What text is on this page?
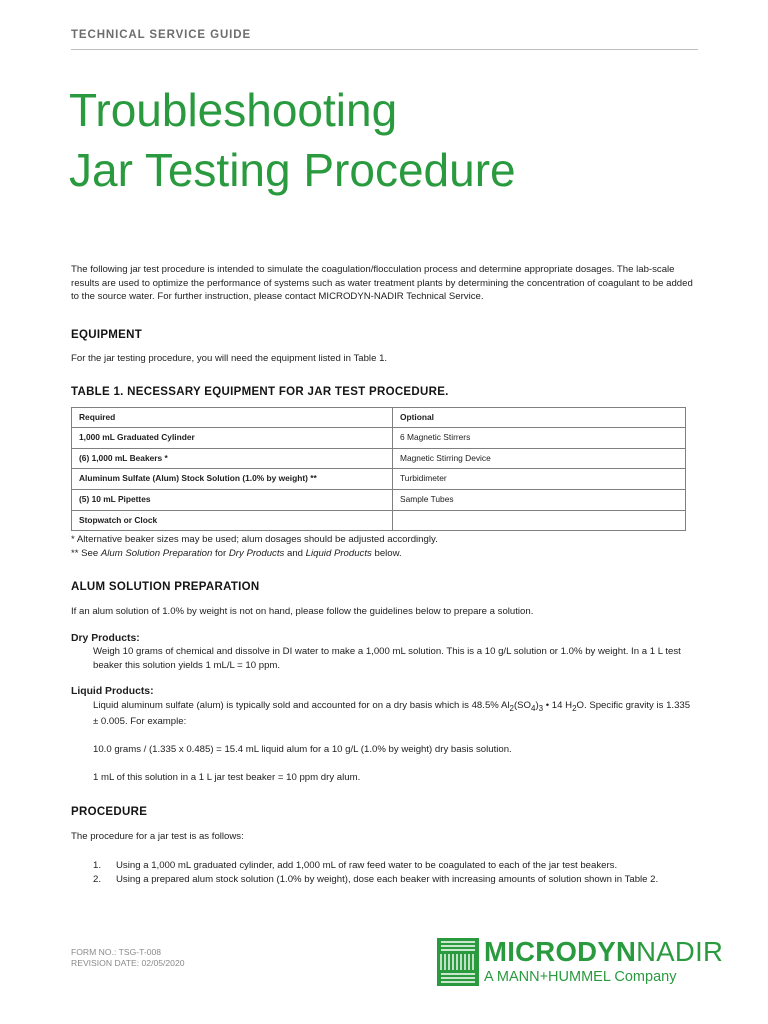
TECHNICAL SERVICE GUIDE
Troubleshooting
Jar Testing Procedure

The following jar test procedure is intended to simulate the coagulation/flocculation process and determine appropriate dosages. The lab-scale results are used to optimize the performance of systems such as water treatment plants by determining the concentration of coagulant to be added to the source water. For further instruction, please contact MICRODYN-NADIR Technical Service.

EQUIPMENT

For the jar testing procedure, you will need the equipment listed in Table 1.

TABLE 1. NECESSARY EQUIPMENT FOR JAR TEST PROCEDURE.
Required	Optional
1,000 mL Graduated Cylinder	6 Magnetic Stirrers
(6) 1,000 mL Beakers *	Magnetic Stirring Device
Aluminum Sulfate (Alum) Stock Solution (1.0% by weight) **	Turbidimeter
(5) 10 mL Pipettes	Sample Tubes
Stopwatch or Clock	

* Alternative beaker sizes may be used; alum dosages should be adjusted accordingly.

** See Alum Solution Preparation for Dry Products and Liquid Products below.

ALUM SOLUTION PREPARATION

If an alum solution of 1.0% by weight is not on hand, please follow the guidelines below to prepare a solution.

Dry Products:

Weigh 10 grams of chemical and dissolve in DI water to make a 1,000 mL solution. This is a 10 g/L solution or 1.0% by weight. In a 1 L test beaker this solution yields 1 mL/L = 10 ppm.

Liquid Products:

Liquid aluminum sulfate (alum) is typically sold and accounted for on a dry basis which is 48.5% $Al_2(SO_4)_3$ • 14 $H_2O$. Specific gravity is 1.335 ± 0.005. For example:

10.0 grams / (1.335 x 0.485) = 15.4 mL liquid alum for a 10 g/L (1.0% by weight) dry basis solution.

1 mL of this solution in a 1 L jar test beaker = 10 ppm dry alum.

PROCEDURE

The procedure for a jar test is as follows:

1. Using a 1,000 mL graduated cylinder, add 1,000 mL of raw feed water to be coagulated to each of the jar test beakers.
2. Using a prepared alum stock solution (1.0% by weight), dose each beaker with increasing amounts of solution shown in Table 2.
FORM NO.: TSG-T-008
REVISION DATE: 02/05/2020	MICRODYNNADIR
A MANN+HUMMEL Company
